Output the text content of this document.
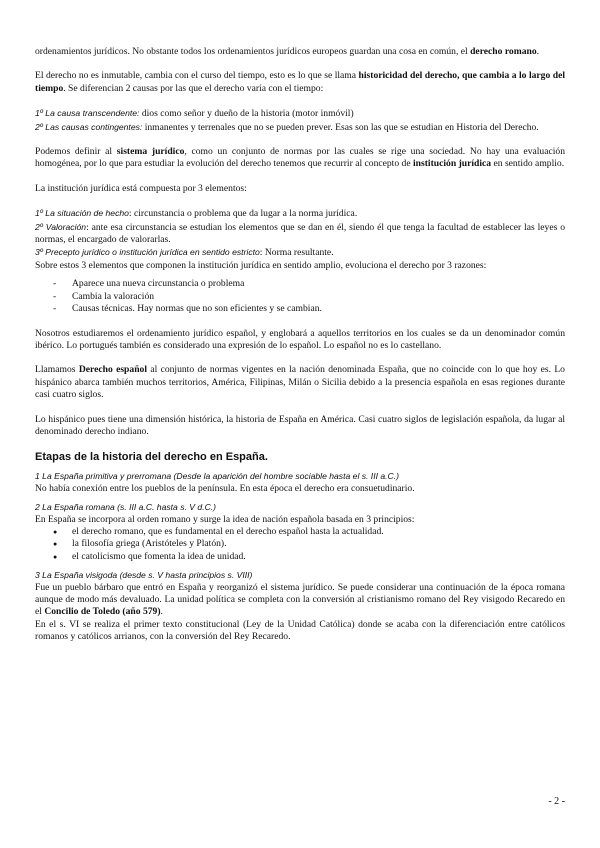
ordenamientos jurídicos. No obstante todos los ordenamientos jurídicos europeos guardan una cosa en común, el derecho romano.

El derecho no es inmutable, cambia con el curso del tiempo, esto es lo que se llama historicidad del derecho, que cambia a lo largo del tiempo. Se diferencian 2 causas por las que el derecho varía con el tiempo:

1º La causa transcendente: dios como señor y dueño de la historia (motor inmóvil)

2º Las causas contingentes: inmanentes y terrenales que no se pueden prever. Esas son las que se estudian en Historia del Derecho.

Podemos definir al sistema jurídico, como un conjunto de normas por las cuales se rige una sociedad. No hay una evaluación homogénea, por lo que para estudiar la evolución del derecho tenemos que recurrir al concepto de institución jurídica en sentido amplio.

La institución jurídica está compuesta por 3 elementos:

1º La situación de hecho: circunstancia o problema que da lugar a la norma jurídica.

2º Valoración: ante esa circunstancia se estudian los elementos que se dan en él, siendo él que tenga la facultad de establecer las leyes o normas, el encargado de valorarlas.

3º Precepto jurídico o institución jurídica en sentido estricto: Norma resultante.

Sobre estos 3 elementos que componen la institución jurídica en sentido amplio, evoluciona el derecho por 3 razones:

- Aparece una nueva circunstancia o problema
- Cambia la valoración
- Causas técnicas. Hay normas que no son eficientes y se cambian.

Nosotros estudiaremos el ordenamiento jurídico español, y englobará a aquellos territorios en los cuales se da un denominador común ibérico. Lo portugués también es considerado una expresión de lo español. Lo español no es lo castellano.

Llamamos Derecho español al conjunto de normas vigentes en la nación denominada España, que no coincide con lo que hoy es. Lo hispánico abarca también muchos territorios, América, Filipinas, Milán o Sicilia debido a la presencia española en esas regiones durante casi cuatro siglos.

Lo hispánico pues tiene una dimensión histórica, la historia de España en América. Casi cuatro siglos de legislación española, da lugar al denominado derecho indiano.

Etapas de la historia del derecho en España.
1 La España primitiva y prerromana (Desde la aparición del hombre sociable hasta el s. III a.C.)

No había conexión entre los pueblos de la península. En esta época el derecho era consuetudinario.

2 La España romana (s. III a.C. hasta s. V d.C.)

En España se incorpora al orden romano y surge la idea de nación española basada en 3 principios:

● el derecho romano, que es fundamental en el derecho español hasta la actualidad.
● la filosofía griega (Aristóteles y Platón).
● el catolicismo que fomenta la idea de unidad.
3 La España visigoda (desde s. V hasta principios s. VIII)

Fue un pueblo bárbaro que entró en España y reorganizó el sistema jurídico. Se puede considerar una continuación de la época romana aunque de modo más devaluado. La unidad política se completa con la conversión al cristianismo romano del Rey visigodo Recaredo en el Concilio de Toledo (año 579).

En el s. VI se realiza el primer texto constitucional (Ley de la Unidad Católica) donde se acaba con la diferenciación entre católicos romanos y católicos arrianos, con la conversión del Rey Recaredo.

- 2 -
